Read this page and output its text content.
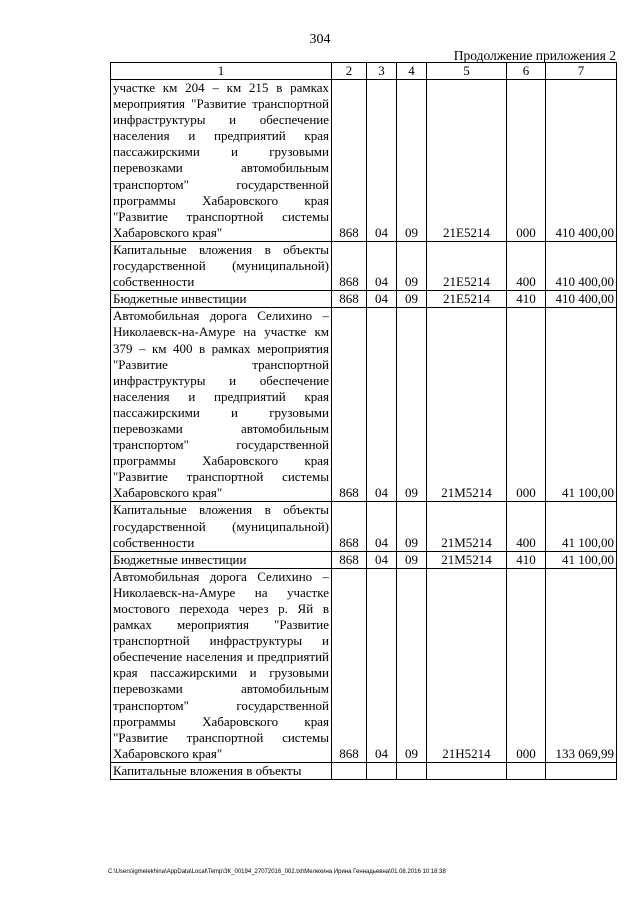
304
Продолжение приложения 2
1	2	3	4	5	6	7
участке км 204 – км 215 в рамках мероприятия "Развитие транспортной инфраструктуры и обеспечение населения и предприятий края пассажирскими и грузовыми перевозками автомобильным транспортом" государственной программы Хабаровского края "Развитие транспортной системы Хабаровского края"	868	04	09	21Е5214	000	410 400,00
Капитальные вложения в объекты государственной (муниципальной) собственности	868	04	09	21Е5214	400	410 400,00
Бюджетные инвестиции	868	04	09	21Е5214	410	410 400,00
Автомобильная дорога Селихино – Николаевск-на-Амуре на участке км 379 – км 400 в рамках мероприятия "Развитие транспортной инфраструктуры и обеспечение населения и предприятий края пассажирскими и грузовыми перевозками автомобильным транспортом" государственной программы Хабаровского края "Развитие транспортной системы Хабаровского края"	868	04	09	21М5214	000	41 100,00
Капитальные вложения в объекты государственной (муниципальной) собственности	868	04	09	21М5214	400	41 100,00
Бюджетные инвестиции	868	04	09	21М5214	410	41 100,00
Автомобильная дорога Селихино – Николаевск-на-Амуре на участке мостового перехода через р. Яй в рамках мероприятия "Развитие транспортной инфраструктуры и обеспечение населения и предприятий края пассажирскими и грузовыми перевозками автомобильным транспортом" государственной программы Хабаровского края "Развитие транспортной системы Хабаровского края"	868	04	09	21Н5214	000	133 069,99
Капитальные вложения в объекты						
C:\Users\igmelekhina\AppData\Local\Temp\ЗК_00194_27072016_002.txt\Мелехина Ирина Геннадьевна\01.08.2016 10:18:38
